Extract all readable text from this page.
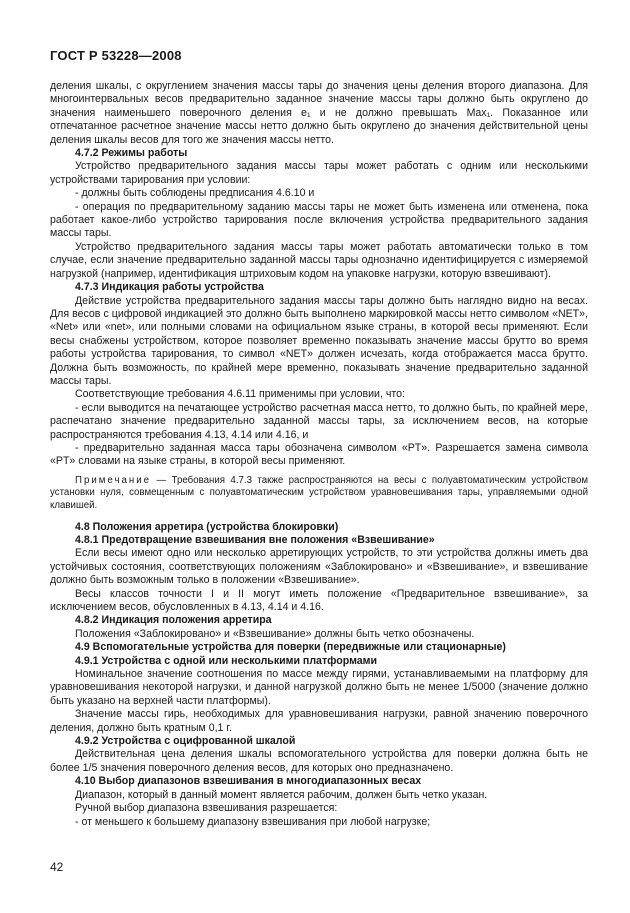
ГОСТ Р 53228—2008

деления шкалы, с округлением значения массы тары до значения цены деления второго диапазона. Для многоинтервальных весов предварительно заданное значение массы тары должно быть округлено до значения наименьшего поверочного деления e₁ и не должно превышать Max₁. Показанное или отпечатанное расчетное значение массы нетто должно быть округлено до значения действительной цены деления шкалы весов для того же значения массы нетто.

4.7.2 Режимы работы

Устройство предварительного задания массы тары может работать с одним или несколькими устройствами тарирования при условии:

- должны быть соблюдены предписания 4.6.10 и

- операция по предварительному заданию массы тары не может быть изменена или отменена, пока работает какое-либо устройство тарирования после включения устройства предварительного задания массы тары.

Устройство предварительного задания массы тары может работать автоматически только в том случае, если значение предварительно заданной массы тары однозначно идентифицируется с измеряемой нагрузкой (например, идентификация штриховым кодом на упаковке нагрузки, которую взвешивают).

4.7.3 Индикация работы устройства

Действие устройства предварительного задания массы тары должно быть наглядно видно на весах. Для весов с цифровой индикацией это должно быть выполнено маркировкой массы нетто символом «NET», «Net» или «net», или полными словами на официальном языке страны, в которой весы применяют. Если весы снабжены устройством, которое позволяет временно показывать значение массы брутто во время работы устройства тарирования, то символ «NET» должен исчезать, когда отображается масса брутто. Должна быть возможность, по крайней мере временно, показывать значение предварительно заданной массы тары.

Соответствующие требования 4.6.11 применимы при условии, что:

- если выводится на печатающее устройство расчетная масса нетто, то должно быть, по крайней мере, распечатано значение предварительно заданной массы тары, за исключением весов, на которые распространяются требования 4.13, 4.14 или 4.16, и

- предварительно заданная масса тары обозначена символом «PT». Разрешается замена символа «PT» словами на языке страны, в которой весы применяют.

Примечание — Требования 4.7.3 также распространяются на весы с полуавтоматическим устройством установки нуля, совмещенным с полуавтоматическим устройством уравновешивания тары, управляемыми одной клавишей.

4.8 Положения арретира (устройства блокировки)

4.8.1 Предотвращение взвешивания вне положения «Взвешивание»

Если весы имеют одно или несколько арретирующих устройств, то эти устройства должны иметь два устойчивых состояния, соответствующих положениям «Заблокировано» и «Взвешивание», и взвешивание должно быть возможным только в положении «Взвешивание».

Весы классов точности I и II могут иметь положение «Предварительное взвешивание», за исключением весов, обусловленных в 4.13, 4.14 и 4.16.

4.8.2 Индикация положения арретира

Положения «Заблокировано» и «Взвешивание» должны быть четко обозначены.

4.9 Вспомогательные устройства для поверки (передвижные или стационарные)

4.9.1 Устройства с одной или несколькими платформами

Номинальное значение соотношения по массе между гирями, устанавливаемыми на платформу для уравновешивания некоторой нагрузки, и данной нагрузкой должно быть не менее 1/5000 (значение должно быть указано на верхней части платформы).

Значение массы гирь, необходимых для уравновешивания нагрузки, равной значению поверочного деления, должно быть кратным 0,1 г.

4.9.2 Устройства с оцифрованной шкалой

Действительная цена деления шкалы вспомогательного устройства для поверки должна быть не более 1/5 значения поверочного деления весов, для которых оно предназначено.

4.10 Выбор диапазонов взвешивания в многодиапазонных весах

Диапазон, который в данный момент является рабочим, должен быть четко указан.

Ручной выбор диапазона взвешивания разрешается:

- от меньшего к большему диапазону взвешивания при любой нагрузке;

42
